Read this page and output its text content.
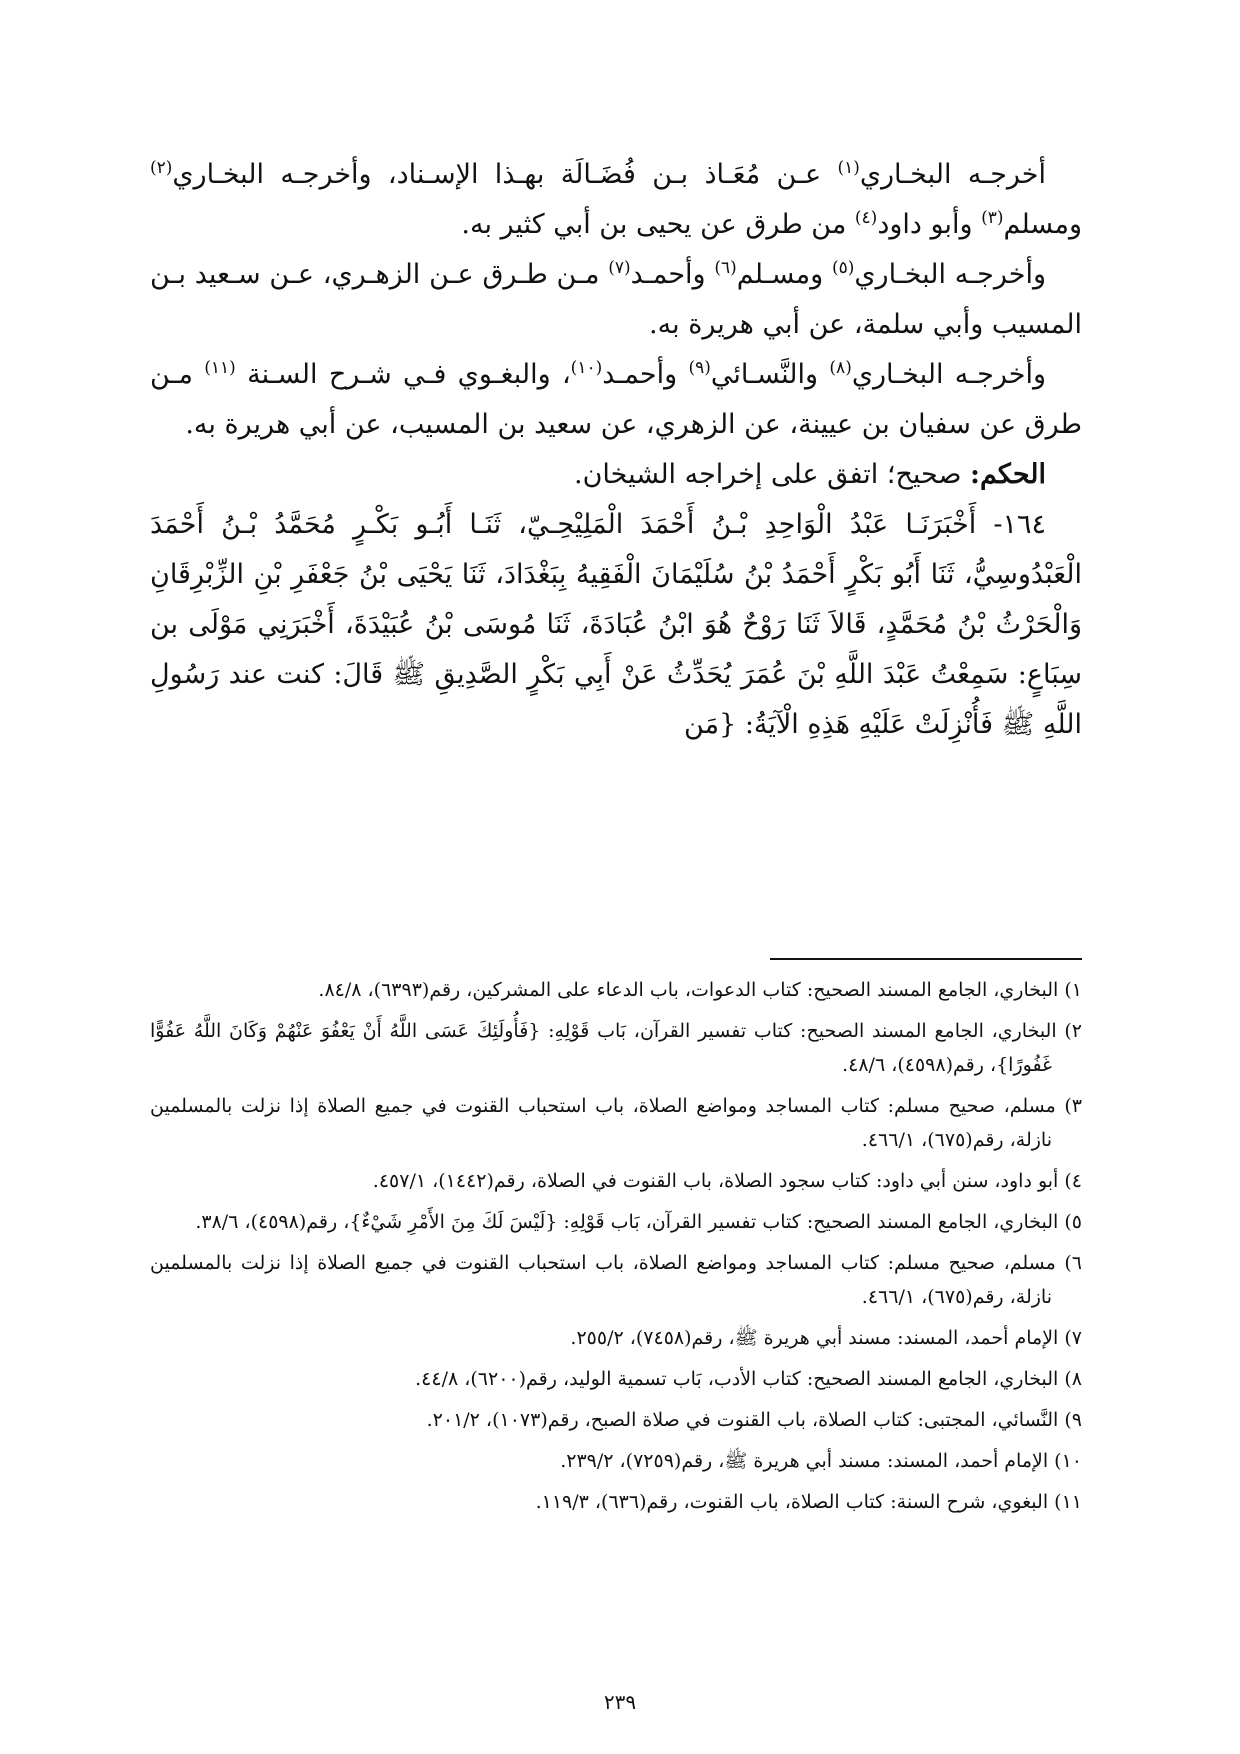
أخرجـه البخـاري$^{(١)}$ عـن مُعَـاذ بـن فُضَـالَة بهـذا الإسـناد، وأخرجـه البخـاري$^{(٢)}$ ومسلم$^{(٣)}$ وأبو داود$^{(٤)}$ من طرق عن يحيى بن أبي كثير به.

وأخرجـه البخـاري$^{(٥)}$ ومسـلم$^{(٦)}$ وأحمـد$^{(٧)}$ مـن طـرق عـن الزهـري، عـن سـعيد بـن المسيب وأبي سلمة، عن أبي هريرة به.

وأخرجـه البخـاري$^{(٨)}$ والنَّسـائي$^{(٩)}$ وأحمـد$^{(١٠)}$، والبغـوي فـي شـرح السـنة $^{(١١)}$ مـن طرق عن سفيان بن عيينة، عن الزهري، عن سعيد بن المسيب، عن أبي هريرة به.

الحكم: صحيح؛ اتفق على إخراجه الشيخان.

١٦٤- أَخْبَرَنَـا عَبْدُ الْوَاحِدِ بْـنُ أَحْمَدَ الْمَلِيْحِـيّ، ثَنَـا أَبُـو بَكْـرٍ مُحَمَّدُ بْـنُ أَحْمَدَ الْعَبْدُوسِيُّ، ثَنَا أَبُو بَكْرٍ أَحْمَدُ بْنُ سُلَيْمَانَ الْفَقِيهُ بِبَغْدَادَ، ثَنَا يَحْيَى بْنُ جَعْفَرِ بْنِ الزِّبْرِقَانِ وَالْحَرْثُ بْنُ مُحَمَّدٍ، قَالاَ ثَنَا رَوْحٌ هُوَ ابْنُ عُبَادَةَ، ثَنَا مُوسَى بْنُ عُبَيْدَةَ، أَخْبَرَنِي مَوْلَى بن سِبَاعٍ: سَمِعْتُ عَبْدَ اللَّهِ بْنَ عُمَرَ يُحَدِّثُ عَنْ أَبِي بَكْرٍ الصَّدِيقِ ﷺ قَالَ: كنت عند رَسُولِ اللَّهِ ﷺ فَأُنْزِلَتْ عَلَيْهِ هَذِهِ الْآيَةُ: {مَن

١) البخاري، الجامع المسند الصحيح: كتاب الدعوات، باب الدعاء على المشركين، رقم(٦٣٩٣)، ٨٤/٨.

٢) البخاري، الجامع المسند الصحيح: كتاب تفسير القرآن، بَاب قَوْلِهِ: {فَأُولَئِكَ عَسَى اللَّهُ أَنْ يَعْفُوَ عَنْهُمْ وَكَانَ اللَّهُ عَفُوًّا غَفُورًا}، رقم(٤٥٩٨)، ٤٨/٦.

٣) مسلم، صحيح مسلم: كتاب المساجد ومواضع الصلاة، باب استحباب القنوت في جميع الصلاة إذا نزلت بالمسلمين نازلة، رقم(٦٧٥)، ٤٦٦/١.

٤) أبو داود، سنن أبي داود: كتاب سجود الصلاة، باب القنوت في الصلاة، رقم(١٤٤٢)، ٤٥٧/١.

٥) البخاري، الجامع المسند الصحيح: كتاب تفسير القرآن، بَاب قَوْلِهِ: {لَيْسَ لَكَ مِنَ الأَمْرِ شَيْءٌ}، رقم(٤٥٩٨)، ٣٨/٦.

٦) مسلم، صحيح مسلم: كتاب المساجد ومواضع الصلاة، باب استحباب القنوت في جميع الصلاة إذا نزلت بالمسلمين نازلة، رقم(٦٧٥)، ٤٦٦/١.

٧) الإمام أحمد، المسند: مسند أبي هريرة ﷺ، رقم(٧٤٥٨)، ٢٥٥/٢.

٨) البخاري، الجامع المسند الصحيح: كتاب الأدب، بَاب تسمية الوليد، رقم(٦٢٠٠)، ٤٤/٨.

٩) النَّسائي، المجتبى: كتاب الصلاة، باب القنوت في صلاة الصبح، رقم(١٠٧٣)، ٢٠١/٢.

١٠) الإمام أحمد، المسند: مسند أبي هريرة ﷺ، رقم(٧٢٥٩)، ٢٣٩/٢.

١١) البغوي، شرح السنة: كتاب الصلاة، باب القنوت، رقم(٦٣٦)، ١١٩/٣.

٢٣٩
